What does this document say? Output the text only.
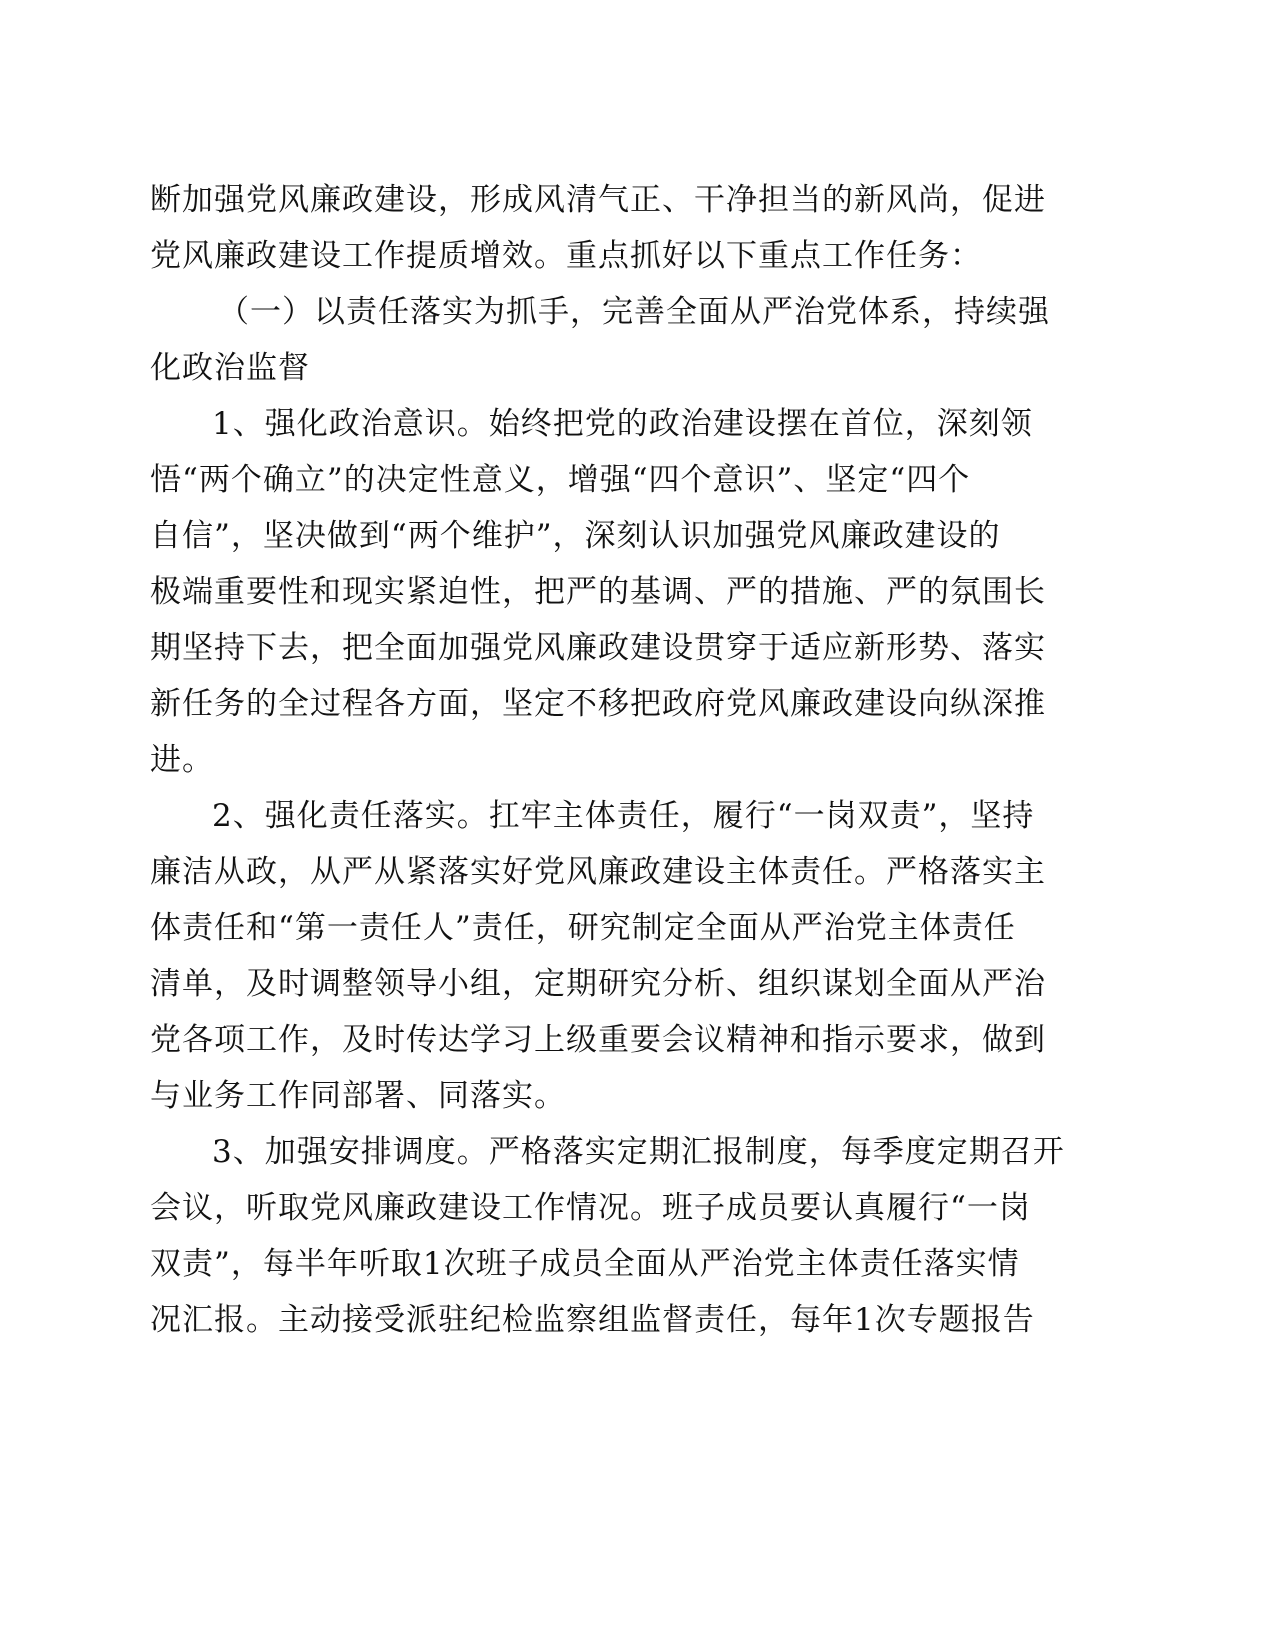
断加强党风廉政建设，形成风清气正、干净担当的新风尚，促进

党风廉政建设工作提质增效。重点抓好以下重点工作任务：

（一）以责任落实为抓手，完善全面从严治党体系，持续强

化政治监督

1、强化政治意识。始终把党的政治建设摆在首位，深刻领

悟“两个确立”的决定性意义，增强“四个意识”、坚定“四个

自信”，坚决做到“两个维护”，深刻认识加强党风廉政建设的

极端重要性和现实紧迫性，把严的基调、严的措施、严的氛围长

期坚持下去，把全面加强党风廉政建设贯穿于适应新形势、落实

新任务的全过程各方面，坚定不移把政府党风廉政建设向纵深推

进。

2、强化责任落实。扛牢主体责任，履行“一岗双责”，坚持

廉洁从政，从严从紧落实好党风廉政建设主体责任。严格落实主

体责任和“第一责任人”责任，研究制定全面从严治党主体责任

清单，及时调整领导小组，定期研究分析、组织谋划全面从严治

党各项工作，及时传达学习上级重要会议精神和指示要求，做到

与业务工作同部署、同落实。

3、加强安排调度。严格落实定期汇报制度，每季度定期召开

会议，听取党风廉政建设工作情况。班子成员要认真履行“一岗

双责”，每半年听取1次班子成员全面从严治党主体责任落实情

况汇报。主动接受派驻纪检监察组监督责任，每年1次专题报告
